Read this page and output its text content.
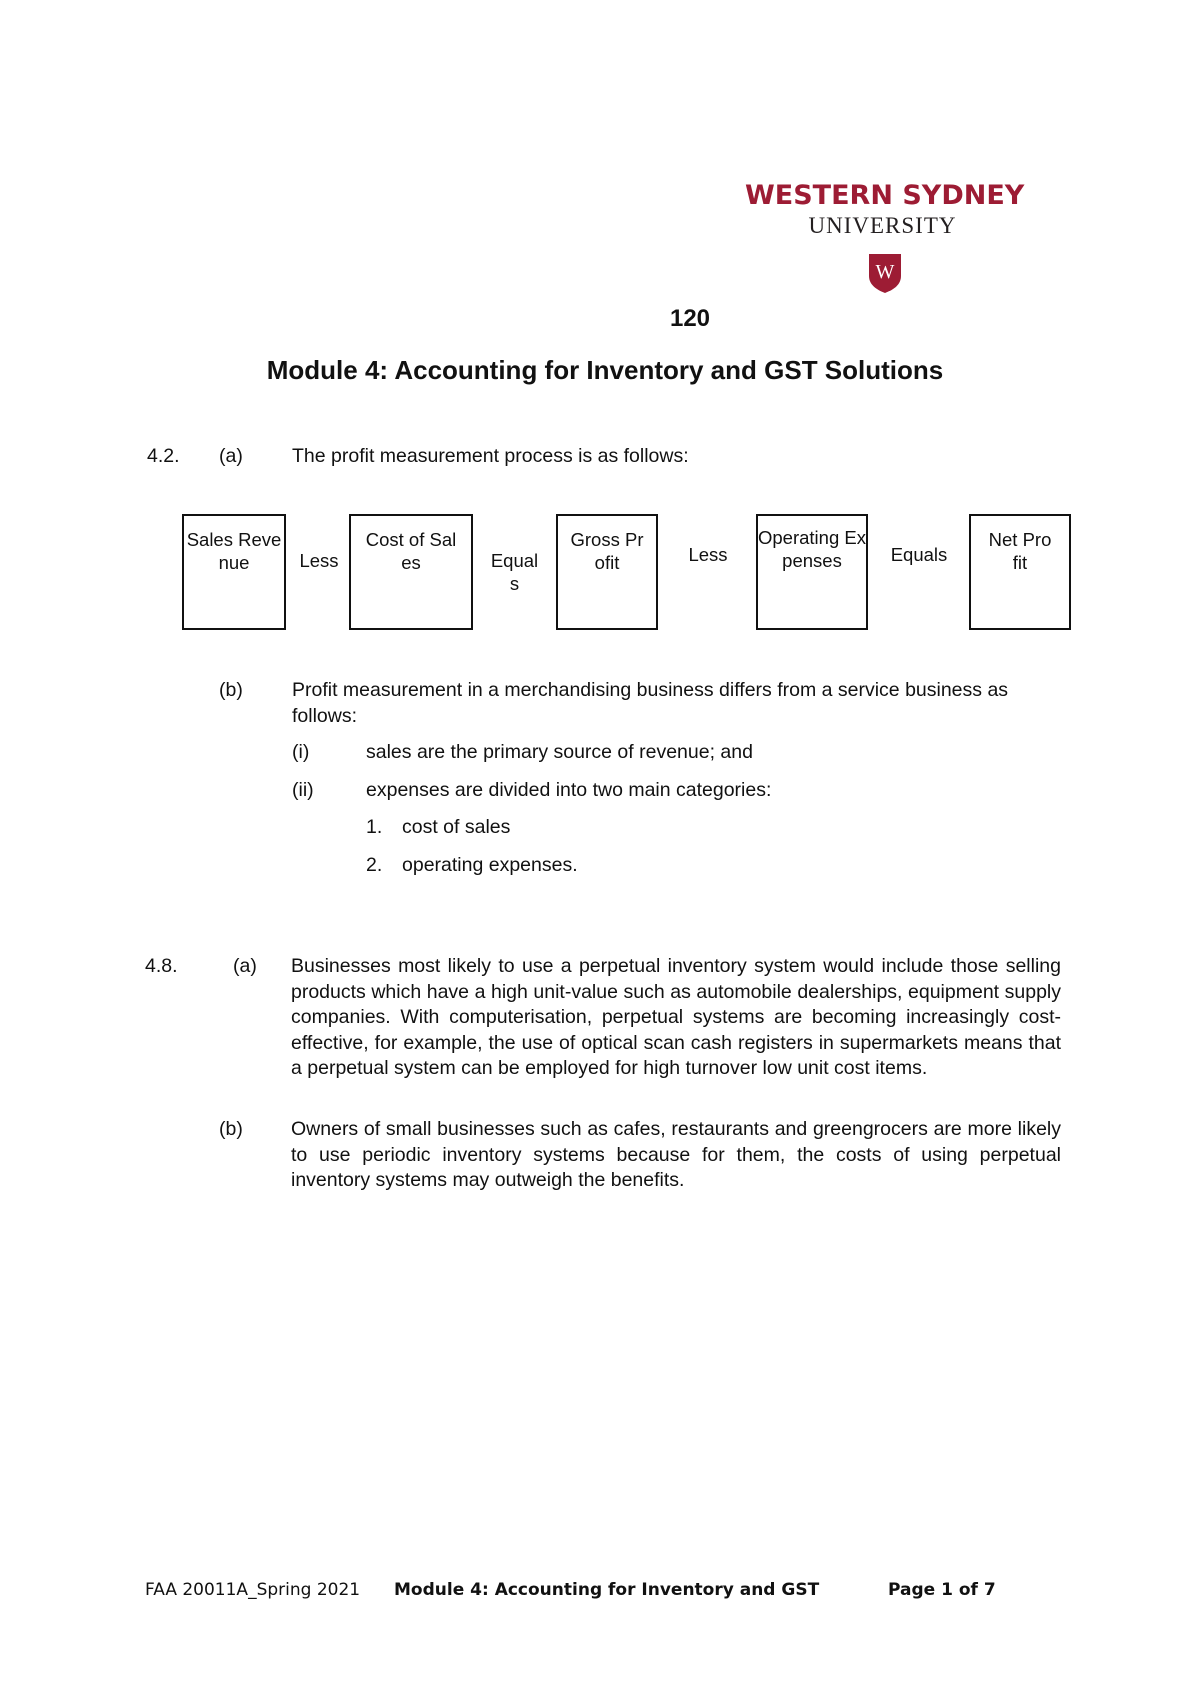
WESTERN SYDNEY
UNIVERSITY
W
120
Module 4: Accounting for Inventory and GST Solutions
4.2. (a)	The profit measurement process is as follows:
Sales Revenue	Less
Cost of Sales	Equals
Gross Profit	Less
Operating Expenses	Equals
Net Profit
(b)	Profit measurement in a merchandising business differs from a service business as follows:
(i)	sales are the primary source of revenue; and
(ii)	expenses are divided into two main categories:
1. cost of sales
2. operating expenses.
4.8.	(a) Businesses most likely to use a perpetual inventory system would include those selling products which have a high unit-value such as automobile dealerships, equipment supply companies. With computerisation, perpetual systems are becoming increasingly cost-effective, for example, the use of optical scan cash registers in supermarkets means that a perpetual system can be employed for high turnover low unit cost items.
(b) Owners of small businesses such as cafes, restaurants and greengrocers are more likely to use periodic inventory systems because for them, the costs of using perpetual inventory systems may outweigh the benefits.
FAA 20011A_Spring 2021 Module 4: Accounting for Inventory and GST	Page 1 of 7
